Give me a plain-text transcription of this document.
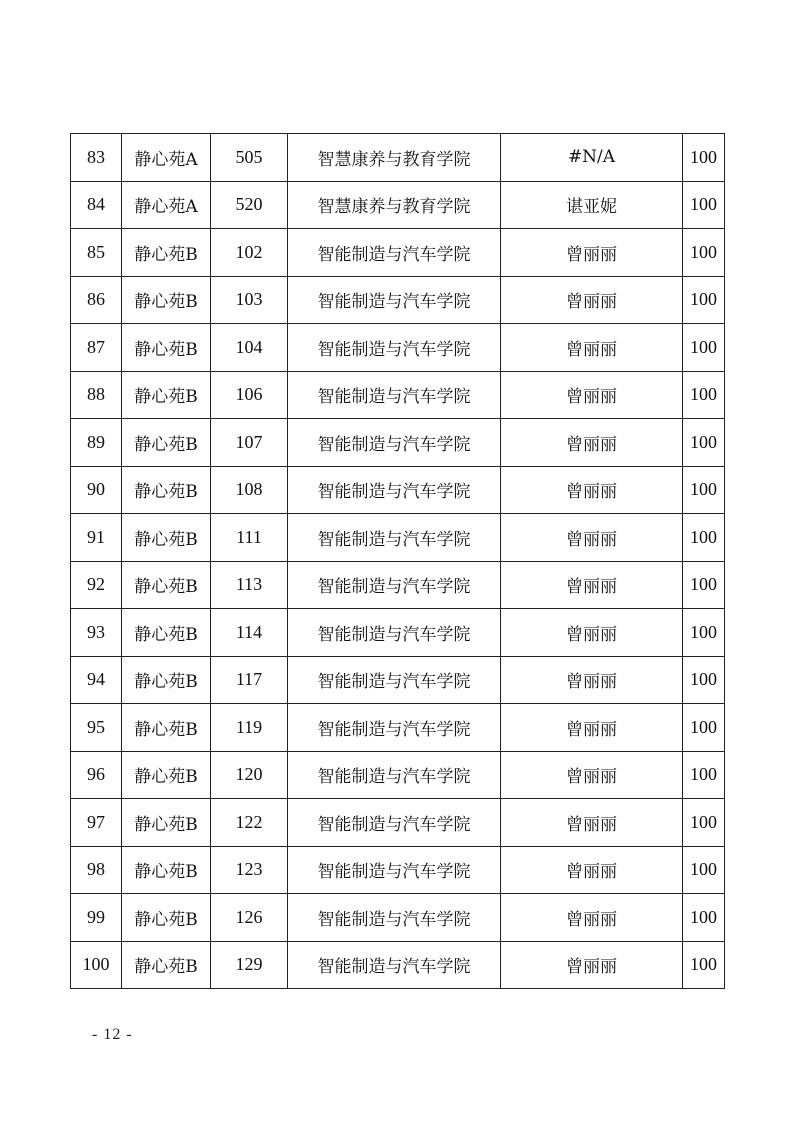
83	静心苑A	505	智慧康养与教育学院	#N/A	100
84	静心苑A	520	智慧康养与教育学院	谌亚妮	100
85	静心苑B	102	智能制造与汽车学院	曾丽丽	100
86	静心苑B	103	智能制造与汽车学院	曾丽丽	100
87	静心苑B	104	智能制造与汽车学院	曾丽丽	100
88	静心苑B	106	智能制造与汽车学院	曾丽丽	100
89	静心苑B	107	智能制造与汽车学院	曾丽丽	100
90	静心苑B	108	智能制造与汽车学院	曾丽丽	100
91	静心苑B	111	智能制造与汽车学院	曾丽丽	100
92	静心苑B	113	智能制造与汽车学院	曾丽丽	100
93	静心苑B	114	智能制造与汽车学院	曾丽丽	100
94	静心苑B	117	智能制造与汽车学院	曾丽丽	100
95	静心苑B	119	智能制造与汽车学院	曾丽丽	100
96	静心苑B	120	智能制造与汽车学院	曾丽丽	100
97	静心苑B	122	智能制造与汽车学院	曾丽丽	100
98	静心苑B	123	智能制造与汽车学院	曾丽丽	100
99	静心苑B	126	智能制造与汽车学院	曾丽丽	100
100	静心苑B	129	智能制造与汽车学院	曾丽丽	100
- 12 -
